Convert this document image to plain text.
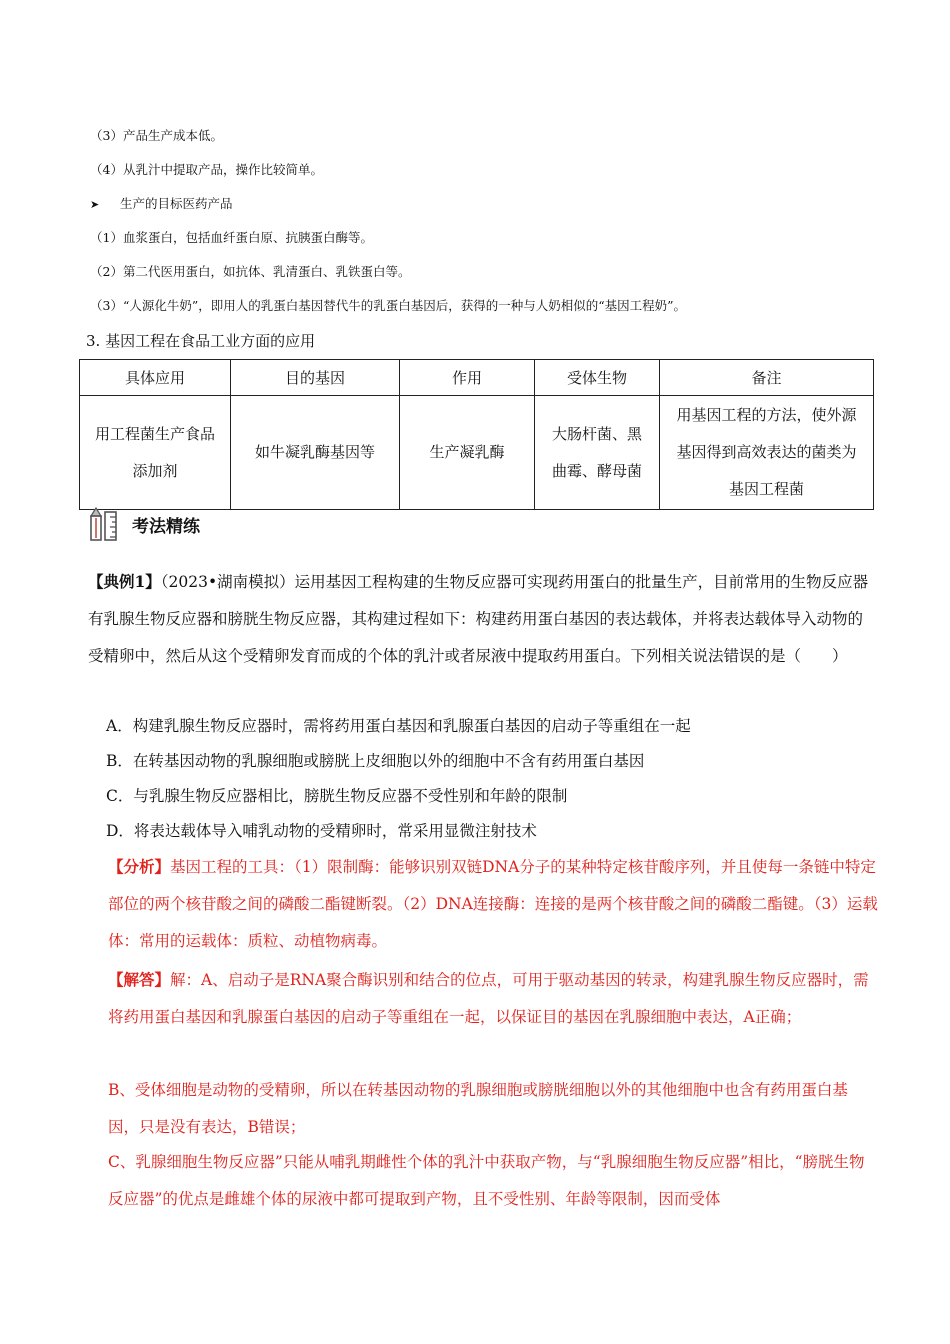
（3）产品生产成本低。
（4）从乳汁中提取产品，操作比较简单。
➤ 生产的目标医药产品
（1）血浆蛋白，包括血纤蛋白原、抗胰蛋白酶等。
（2）第二代医用蛋白，如抗体、乳清蛋白、乳铁蛋白等。
（3）“人源化牛奶”，即用人的乳蛋白基因替代牛的乳蛋白基因后，获得的一种与人奶相似的“基因工程奶”。
3. 基因工程在食品工业方面的应用
具体应用	目的基因	作用	受体生物	备注
用工程菌生产食品添加剂	如牛凝乳酶基因等	生产凝乳酶	大肠杆菌、黑曲霉、酵母菌	用基因工程的方法，使外源基因得到高效表达的菌类为基因工程菌
考法精练
【典例1】（2023•湖南模拟）运用基因工程构建的生物反应器可实现药用蛋白的批量生产，目前常用的生物反应器有乳腺生物反应器和膀胱生物反应器，其构建过程如下：构建药用蛋白基因的表达载体，并将表达载体导入动物的受精卵中，然后从这个受精卵发育而成的个体的乳汁或者尿液中提取药用蛋白。下列相关说法错误的是（　　）
A．构建乳腺生物反应器时，需将药用蛋白基因和乳腺蛋白基因的启动子等重组在一起
B．在转基因动物的乳腺细胞或膀胱上皮细胞以外的细胞中不含有药用蛋白基因
C．与乳腺生物反应器相比，膀胱生物反应器不受性别和年龄的限制
D．将表达载体导入哺乳动物的受精卵时，常采用显微注射技术
【分析】基因工程的工具：（1）限制酶：能够识别双链DNA分子的某种特定核苷酸序列，并且使每一条链中特定部位的两个核苷酸之间的磷酸二酯键断裂。（2）DNA连接酶：连接的是两个核苷酸之间的磷酸二酯键。（3）运载体：常用的运载体：质粒、动植物病毒。
【解答】解：A、启动子是RNA聚合酶识别和结合的位点，可用于驱动基因的转录，构建乳腺生物反应器时，需将药用蛋白基因和乳腺蛋白基因的启动子等重组在一起，以保证目的基因在乳腺细胞中表达，A正确；
B、受体细胞是动物的受精卵，所以在转基因动物的乳腺细胞或膀胱细胞以外的其他细胞中也含有药用蛋白基因，只是没有表达，B错误；
C、乳腺细胞生物反应器”只能从哺乳期雌性个体的乳汁中获取产物，与“乳腺细胞生物反应器”相比，“膀胱生物反应器”的优点是雌雄个体的尿液中都可提取到产物，且不受性别、年龄等限制，因而受体
